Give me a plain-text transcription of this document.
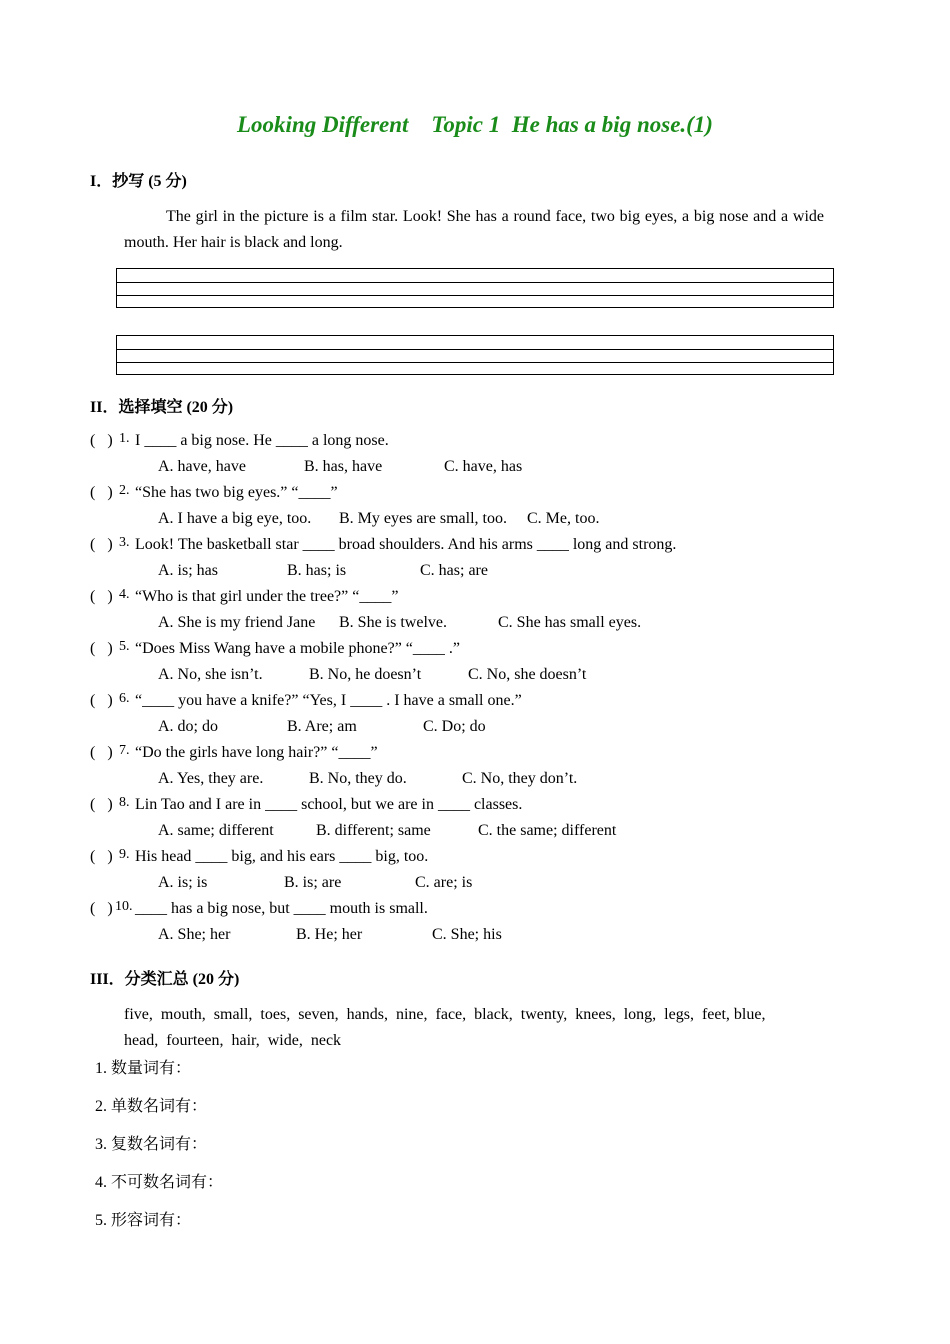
Looking Different    Topic 1  He has a big nose.(1)
I．抄写 (5 分)
The girl in the picture is a film star. Look! She has a round face, two big eyes, a big nose and a wide mouth. Her hair is black and long.
II．选择填空 (20 分)
(   ) 1. I ____ a big nose. He ____ a long nose.
A. have, have	B. has, have	C. have, has
(   ) 2. “She has two big eyes.” “____”
A. I have a big eye, too. B. My eyes are small, too. C. Me, too.
(   ) 3. Look! The basketball star ____ broad shoulders. And his arms ____ long and strong.
A. is; has	B. has; is	C. has; are
(   ) 4. “Who is that girl under the tree?” “____”
A. She is my friend Jane B. She is twelve.	C. She has small eyes.
(   ) 5. “Does Miss Wang have a mobile phone?” “____ .”
A. No, she isn’t.	B. No, he doesn’t	C. No, she doesn’t
(   ) 6. “____ you have a knife?” “Yes, I ____ . I have a small one.”
A. do; do	B. Are; am	C. Do; do
(   ) 7. “Do the girls have long hair?” “____”
A. Yes, they are.	B. No, they do.	C. No, they don’t.
(   ) 8. Lin Tao and I are in ____ school, but we are in ____ classes.
A. same; different	B. different; same	C. the same; different
(   ) 9. His head ____ big, and his ears ____ big, too.
A. is; is	B. is; are	C. are; is
(   ) 10. ____ has a big nose, but ____ mouth is small.
A. She; her	B. He; her	C. She; his
III．分类汇总 (20 分)
five,  mouth,  small,  toes,  seven,  hands,  nine,  face,  black,  twenty,  knees,  long,  legs,  feet, blue,
head,  fourteen,  hair,  wide,  neck
1. 数量词有：
2. 单数名词有：
3. 复数名词有：
4. 不可数名词有：
5. 形容词有：
